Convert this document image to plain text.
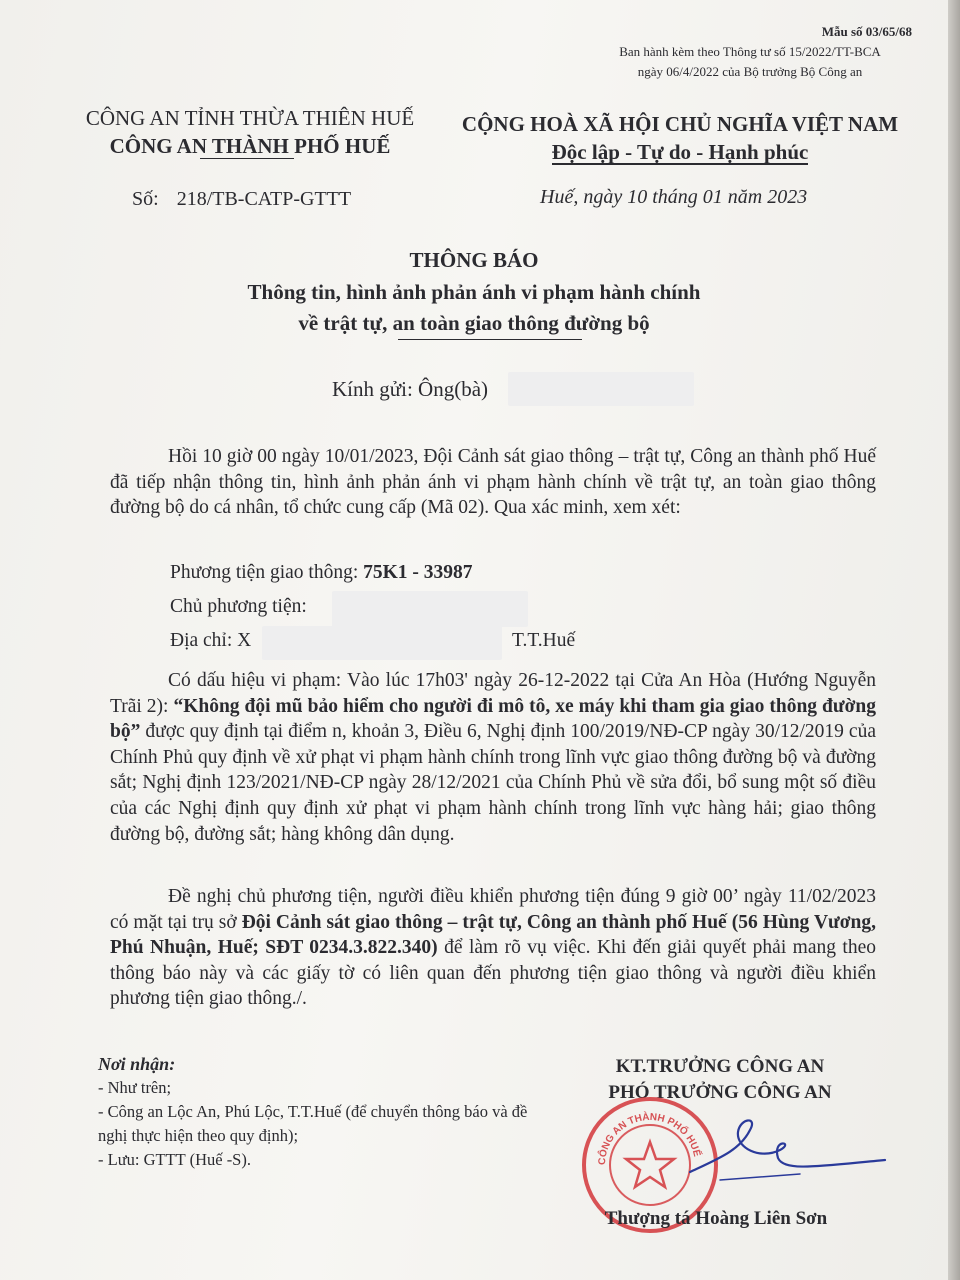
Mẫu số 03/65/68
Ban hành kèm theo Thông tư số 15/2022/TT-BCA
ngày 06/4/2022 của Bộ trưởng Bộ Công an
CÔNG AN TỈNH THỪA THIÊN HUẾ
CÔNG AN THÀNH PHỐ HUẾ
CỘNG HOÀ XÃ HỘI CHỦ NGHĨA VIỆT NAM
Độc lập - Tự do - Hạnh phúc
Số: 218/TB-CATP-GTTT	Huế, ngày 10 tháng 01 năm 2023
THÔNG BÁO
Thông tin, hình ảnh phản ánh vi phạm hành chính
về trật tự, an toàn giao thông đường bộ
Kính gửi: Ông(bà)
Hồi 10 giờ 00 ngày 10/01/2023, Đội Cảnh sát giao thông – trật tự, Công an thành phố Huế đã tiếp nhận thông tin, hình ảnh phản ánh vi phạm hành chính về trật tự, an toàn giao thông đường bộ do cá nhân, tổ chức cung cấp (Mã 02). Qua xác minh, xem xét:
Phương tiện giao thông: 75K1 - 33987
Chủ phương tiện:
Địa chỉ: X	T.T.Huế
Có dấu hiệu vi phạm: Vào lúc 17h03' ngày 26-12-2022 tại Cửa An Hòa (Hướng Nguyễn Trãi 2): “Không đội mũ bảo hiểm cho người đi mô tô, xe máy khi tham gia giao thông đường bộ” được quy định tại điểm n, khoản 3, Điều 6, Nghị định 100/2019/NĐ-CP ngày 30/12/2019 của Chính Phủ quy định về xử phạt vi phạm hành chính trong lĩnh vực giao thông đường bộ và đường sắt; Nghị định 123/2021/NĐ-CP ngày 28/12/2021 của Chính Phủ về sửa đổi, bổ sung một số điều của các Nghị định quy định xử phạt vi phạm hành chính trong lĩnh vực hàng hải; giao thông đường bộ, đường sắt; hàng không dân dụng.
Đề nghị chủ phương tiện, người điều khiển phương tiện đúng 9 giờ 00’ ngày 11/02/2023 có mặt tại trụ sở Đội Cảnh sát giao thông – trật tự, Công an thành phố Huế (56 Hùng Vương, Phú Nhuận, Huế; SĐT 0234.3.822.340) để làm rõ vụ việc. Khi đến giải quyết phải mang theo thông báo này và các giấy tờ có liên quan đến phương tiện giao thông và người điều khiển phương tiện giao thông./.
Nơi nhận:
- Như trên;
- Công an Lộc An, Phú Lộc, T.T.Huế (để chuyển thông báo và đề nghị thực hiện theo quy định);
- Lưu: GTTT (Huế -S).
KT.TRƯỞNG CÔNG AN
PHÓ TRƯỞNG CÔNG AN
CÔNG AN THÀNH PHỐ HUẾ
Thượng tá Hoàng Liên Sơn
